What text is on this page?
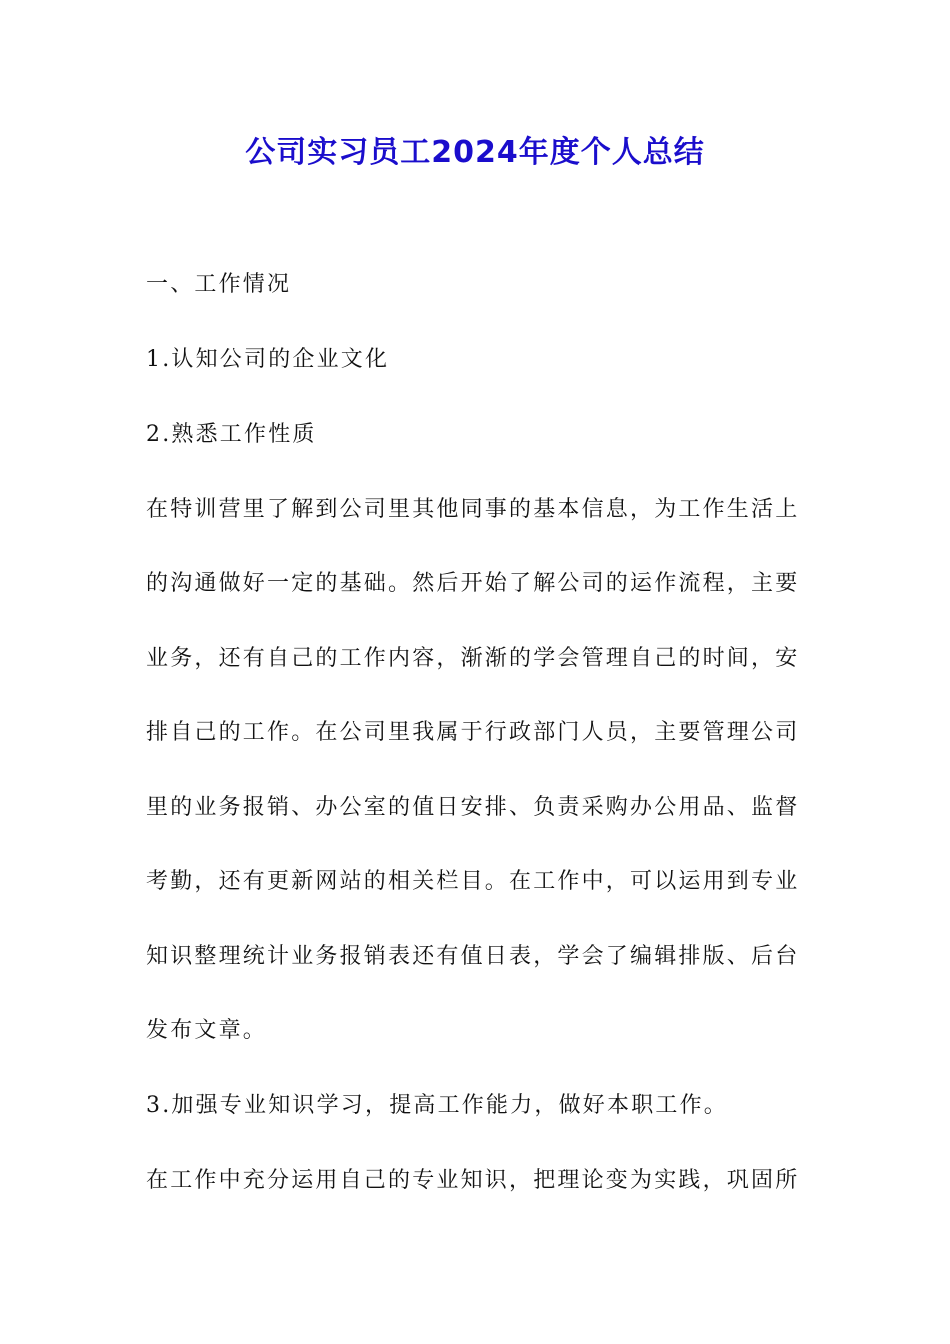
公司实习员工2024年度个人总结
一、工作情况
1.认知公司的企业文化
2.熟悉工作性质
在特训营里了解到公司里其他同事的基本信息，为工作生活上
的沟通做好一定的基础。然后开始了解公司的运作流程，主要
业务，还有自己的工作内容，渐渐的学会管理自己的时间，安
排自己的工作。在公司里我属于行政部门人员，主要管理公司
里的业务报销、办公室的值日安排、负责采购办公用品、监督
考勤，还有更新网站的相关栏目。在工作中，可以运用到专业
知识整理统计业务报销表还有值日表，学会了编辑排版、后台
发布文章。
3.加强专业知识学习，提高工作能力，做好本职工作。
在工作中充分运用自己的专业知识，把理论变为实践，巩固所
